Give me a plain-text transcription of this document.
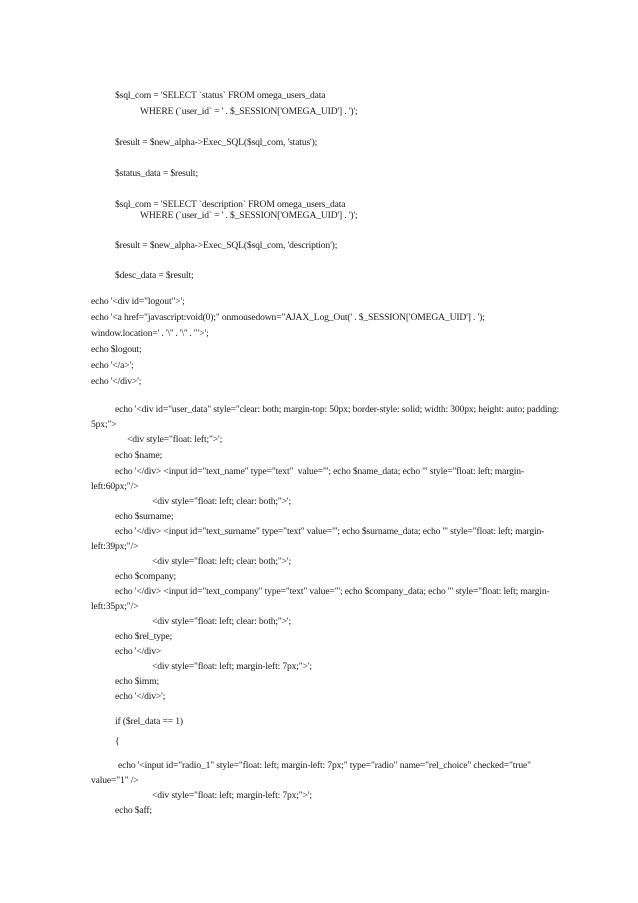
$sql_com = 'SELECT `status` FROM omega_users_data
WHERE (`user_id` = ' . $_SESSION['OMEGA_UID'] . ')';
$result = $new_alpha->Exec_SQL($sql_com, 'status');
$status_data = $result;
$sql_com = 'SELECT `description` FROM omega_users_data
WHERE (`user_id` = ' . $_SESSION['OMEGA_UID'] . ')';
$result = $new_alpha->Exec_SQL($sql_com, 'description');
$desc_data = $result;
echo '<div id="logout">';
echo '<a href="javascript:void(0);" onmousedown="AJAX_Log_Out(' . $_SESSION['OMEGA_UID'] . ');
window.location=' . '\'' . '\'' . '">';
echo $logout;
echo '</a>';
echo '</div>';
echo '<div id="user_data" style="clear: both; margin-top: 50px; border-style: solid; width: 300px; height: auto; padding:
5px;">
<div style="float: left;">';
echo $name;
echo '</div> <input id="text_name" type="text"  value="'; echo $name_data; echo '" style="float: left; margin-
left:60px;"/>
<div style="float: left; clear: both;">';
echo $surname;
echo '</div> <input id="text_surname" type="text" value="'; echo $surname_data; echo '" style="float: left; margin-
left:39px;"/>
<div style="float: left; clear: both;">';
echo $company;
echo '</div> <input id="text_company" type="text" value="'; echo $company_data; echo '" style="float: left; margin-
left:35px;"/>
<div style="float: left; clear: both;">';
echo $rel_type;
echo '</div>
<div style="float: left; margin-left: 7px;">';
echo $imm;
echo '</div>';
if ($rel_data == 1)
{
echo '<input id="radio_1" style="float: left; margin-left: 7px;" type="radio" name="rel_choice" checked="true"
value="1" />
<div style="float: left; margin-left: 7px;">';
echo $aff;
